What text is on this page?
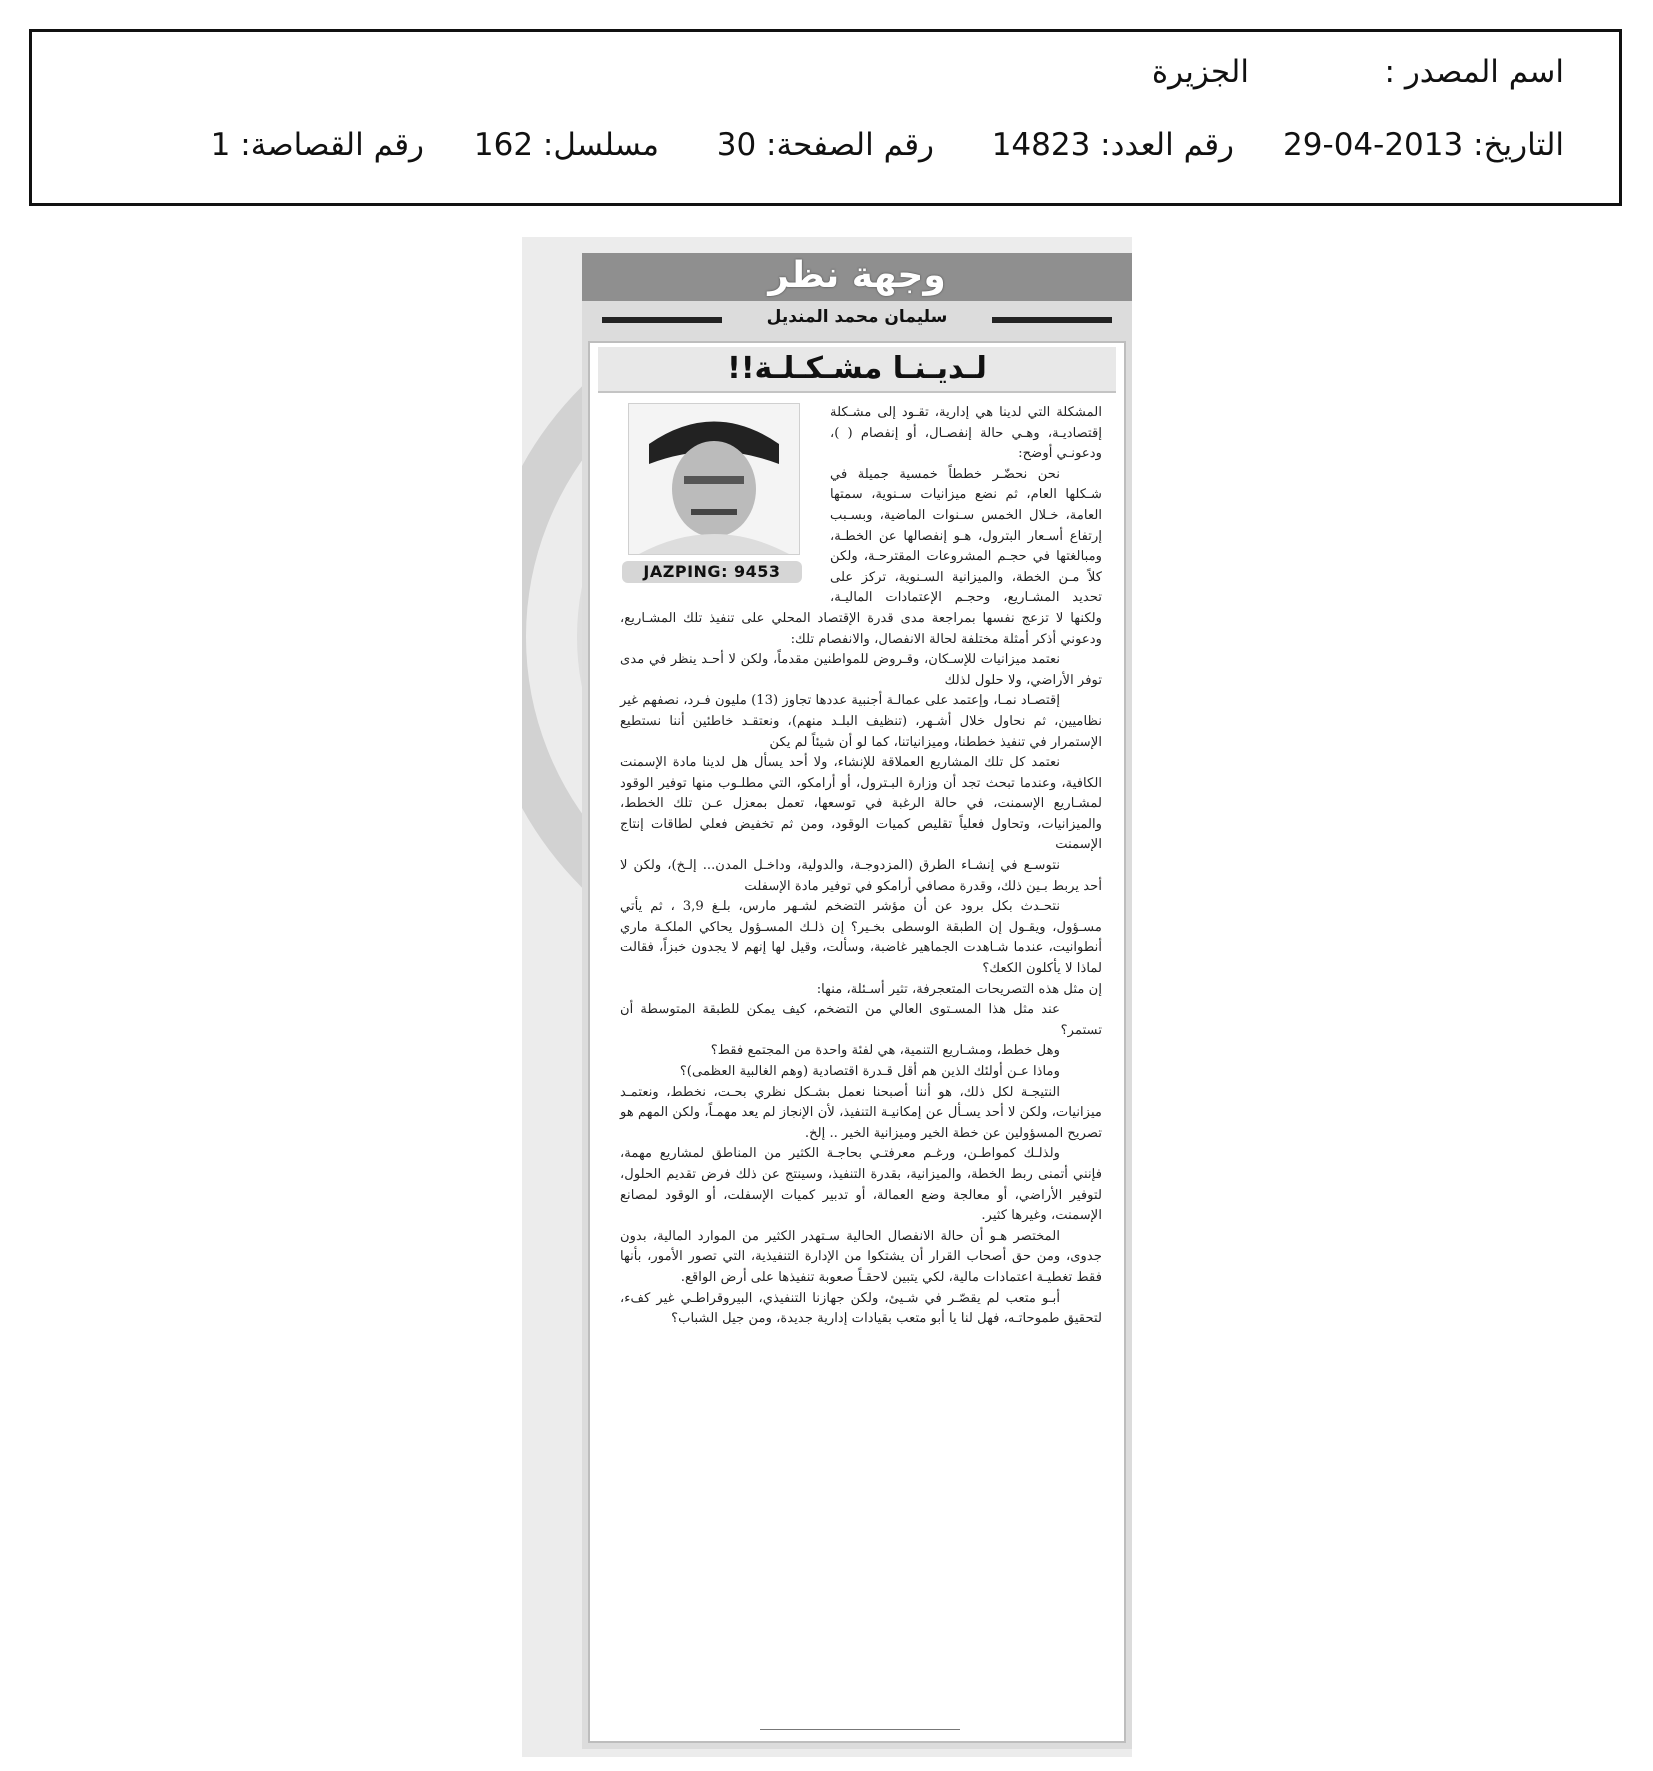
اسم المصدر :
الجزيرة
التاريخ: 2013-04-29
رقم العدد: 14823
رقم الصفحة: 30
مسلسل: 162
رقم القصاصة: 1
وجهة نظر
سليمان محمد المنديل
لـديـنـا مشـكـلـة!!
JAZPING: 9453

المشكلة التي لدينا هي إدارية، تقـود إلى مشـكلة إقتصاديـة، وهـي حالة إنفصـال، أو إنفصام ( )، ودعونـي أوضح:

نحن نحضّـر خططاً خمسية جميلة في شـكلها العام، ثم نضع ميزانيات سـنوية، سمتها العامة، خـلال الخمس سـنوات الماضية، وبسـبب إرتفاع أسـعار البترول، هـو إنفصالها عن الخطـة، ومبالغتها في حجـم المشروعات المقترحـة، ولكن كلاً مـن الخطة، والميزانية السـنوية، تركز على تحديد المشـاريع، وحجـم الإعتمادات الماليـة، ولكنها لا تزعج نفسها بمراجعة مدى قدرة الإقتصاد المحلي على تنفيذ تلك المشـاريع، ودعوني أذكر أمثلة مختلفة لحالة الانفصال، والانفصام تلك:

نعتمد ميزانيات للإسـكان، وقـروض للمواطنين مقدماً، ولكن لا أحـد ينظر في مدى توفر الأراضي، ولا حلول لذلك

إقتصـاد نمـا، وإعتمد على عمالـة أجنبية عددها تجاوز (13) مليون فـرد، نصفهم غير نظاميين، ثم نحاول خلال أشـهر، (تنظيف البلـد منهم)، ونعتقـد خاطئين أننا نستطيع الإستمرار في تنفيذ خططنا، وميزانياتنا، كما لو أن شيئاً لم يكن

نعتمد كل تلك المشاريع العملاقة للإنشاء، ولا أحد يسأل هل لدينا مادة الإسمنت الكافية، وعندما تبحث تجد أن وزارة البـترول، أو أرامكو، التي مطلـوب منها توفير الوقود لمشـاريع الإسمنت، في حالة الرغبة في توسعها، تعمل بمعزل عـن تلك الخطط، والميزانيات، وتحاول فعلياً تقليص كميات الوقود، ومن ثم تخفيض فعلي لطاقات إنتاج الإسمنت

نتوسـع في إنشـاء الطرق (المزدوجـة، والدولية، وداخـل المدن... إلـخ)، ولكن لا أحد يربط بـين ذلك، وقدرة مصافي أرامكو في توفير مادة الإسفلت

نتحـدث بكل برود عن أن مؤشر التضخم لشـهر مارس، بلـغ 3,9 ، ثم يأتي مسـؤول، ويقـول إن الطبقة الوسطى بخـير؟ إن ذلـك المسـؤول يحاكي الملكـة ماري أنطوانيت، عندما شـاهدت الجماهير غاضبة، وسألت، وقيل لها إنهم لا يجدون خبزاً، فقالت لماذا لا يأكلون الكعك؟

إن مثل هذه التصريحات المتعجرفة، تثير أسـئلة، منها:

عند مثل هذا المسـتوى العالي من التضخم، كيف يمكن للطبقة المتوسطة أن تستمر؟

وهل خطط، ومشـاريع التنمية، هي لفئة واحدة من المجتمع فقط؟

وماذا عـن أولئك الذين هم أقل قـدرة اقتصادية (وهم الغالبية العظمى)؟

النتيجـة لكل ذلك، هو أننا أصبحنا نعمل بشـكل نظري بحـت، نخطط، ونعتمـد ميزانيات، ولكن لا أحد يسـأل عن إمكانيـة التنفيذ، لأن الإنجاز لم يعد مهمـاً، ولكن المهم هو تصريح المسؤولين عن خطة الخير وميزانية الخير .. إلخ.

ولذلـك كمواطـن، ورغـم معرفتـي بحاجـة الكثير من المناطق لمشاريع مهمة، فإنني أتمنى ربط الخطة، والميزانية، بقدرة التنفيذ، وسينتج عن ذلك فرض تقديم الحلول، لتوفير الأراضي، أو معالجة وضع العمالة، أو تدبير كميات الإسفلت، أو الوقود لمصانع الإسمنت، وغيرها كثير.

المختصر هـو أن حالة الانفصال الحالية سـتهدر الكثير من الموارد المالية، بدون جدوى، ومن حق أصحاب القرار أن يشتكوا من الإدارة التنفيذية، التي تصور الأمور، بأنها فقط تغطيـة اعتمادات مالية، لكي يتبين لاحقـاً صعوبة تنفيذها على أرض الواقع.

أبـو متعب لم يقصّـر في شـيئ، ولكن جهازنا التنفيذي، البيروقراطـي غير كفء، لتحقيق طموحاتـه، فهل لنا يا أبو متعب بقيادات إدارية جديدة، ومن جيل الشباب؟
